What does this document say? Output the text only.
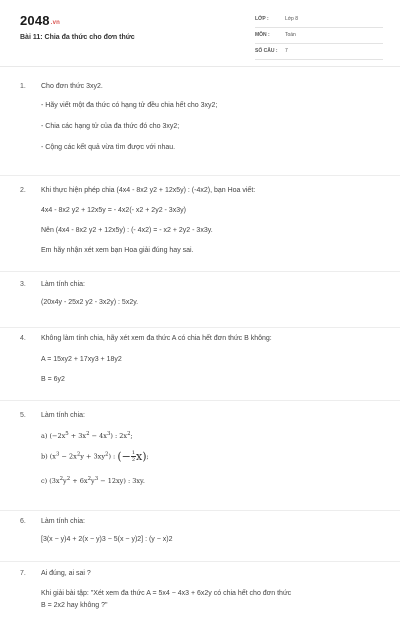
2048.vn
Bài 11: Chia đa thức cho đơn thức
LỚP :	Lớp 8
MÔN :	Toán
SỐ CÂU : 7
1. Cho đơn thức 3xy2.
- Hãy viết một đa thức có hạng tử đều chia hết cho 3xy2;
- Chia các hạng tử của đa thức đó cho 3xy2;
- Cộng các kết quả vừa tìm được với nhau.
2. Khi thực hiện phép chia (4x4 - 8x2 y2 + 12x5y) : (-4x2), bạn Hoa viết:
4x4 - 8x2 y2 + 12x5y = - 4x2(- x2 + 2y2 - 3x3y)
Nên (4x4 - 8x2 y2 + 12x5y) : (- 4x2) = - x2 + 2y2 - 3x3y.
Em hãy nhận xét xem bạn Hoa giải đúng hay sai.
3. Làm tính chia:
(20x4y - 25x2 y2 - 3x2y) : 5x2y.
4. Không làm tính chia, hãy xét xem đa thức A có chia hết đơn thức B không:
A = 15xy2 + 17xy3 + 18y2
B = 6y2
5. Làm tính chia:
a) $(-2x^5 + 3x^2 - 4x^3)$ : $2x^2$;
b) $(x^3 - 2x^2y + 3xy^2)$ : (− $\frac{1}{2} x$);
c) $(3x^2y^2 + 6x^2y^3 - 12xy)$ : 3xy.
6. Làm tính chia:
[3(x − y)4 + 2(x − y)3 − 5(x − y)2] : (y − x)2
7. Ai đúng, ai sai ?
Khi giải bài tập: "Xét xem đa thức A = 5x4 − 4x3 + 6x2y có chia hết cho đơn thức
B = 2x2 hay không ?"
